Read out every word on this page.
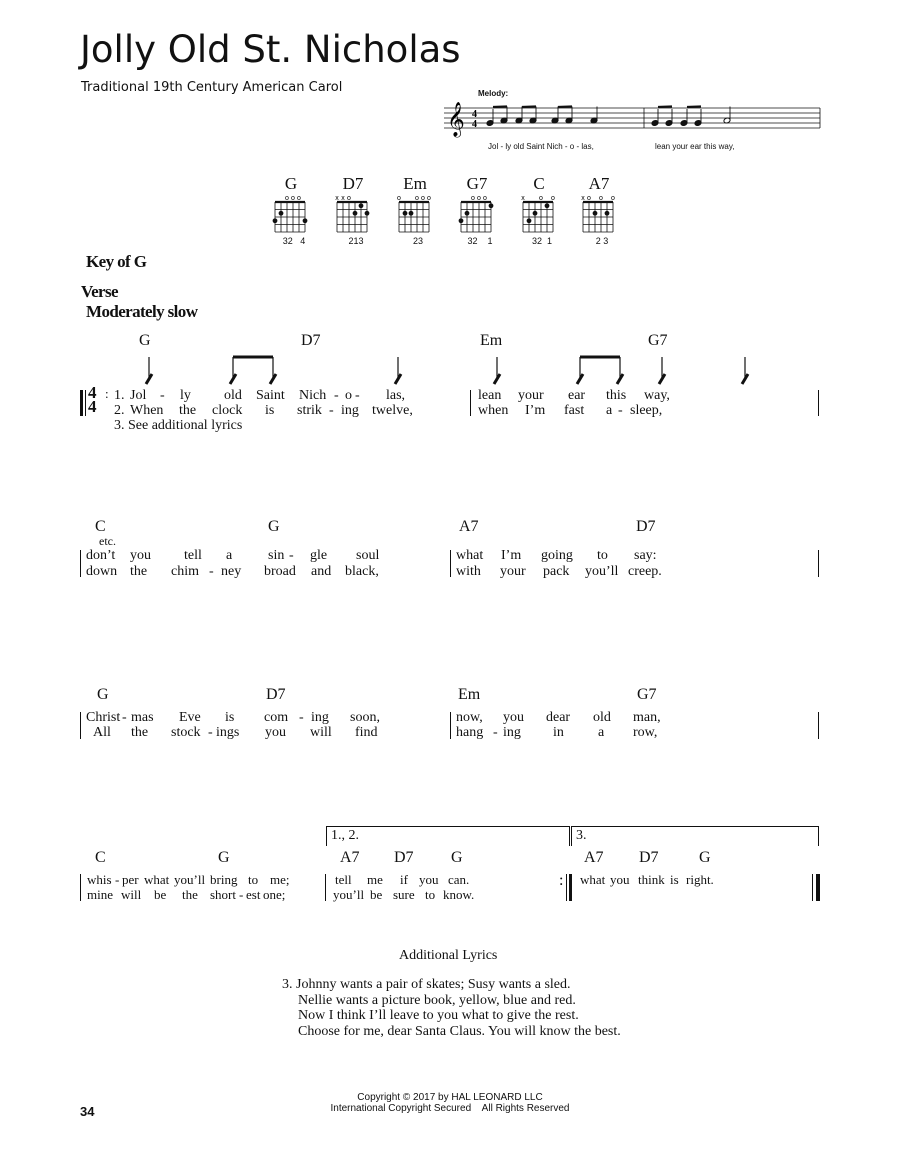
Jolly Old St. Nicholas
Traditional 19th Century American Carol	Melody:
𝄞 4
4
Jol - ly old Saint Nich - o - las,	lean your ear this way,
G
o o o
32   4
D7
x x o
213
Em
o o o o
23
G7
o o o
32    1
C
x o o
32  1
A7
x o o o
2 3
Key of G
Verse
Moderately slow
G	D7	Em	G7
4
4
: 1. Jol - ly old Saint Nich - o - las,	lean your ear this way,
2. When the clock is strik - ing twelve,	when I’m fast a - sleep,
3. See additional lyrics
C
etc.
G	A7	D7
don’t you tell a	sin - gle soul	what I’m going to say:
down the chim - ney broad and black,	with your pack you’ll creep.
G	D7	Em	G7
Christ - mas Eve is com - ing soon,	now, you dear old man,
All the stock - ings you will find	hang - ing in a row,
1., 2.	3.
C	G	A7 D7 G	A7 D7	G
whis - per what you’ll bring to me;	tell me if you can.
mine will be the short - est one;	you’ll be sure to know.
: what you think is right.
Additional Lyrics
3. Johnny wants a pair of skates; Susy wants a sled.
Nellie wants a picture book, yellow, blue and red.
Now I think I’ll leave to you what to give the rest.
Choose for me, dear Santa Claus. You will know the best.
Copyright © 2017 by HAL LEONARD LLC
International Copyright Secured    All Rights Reserved
34
